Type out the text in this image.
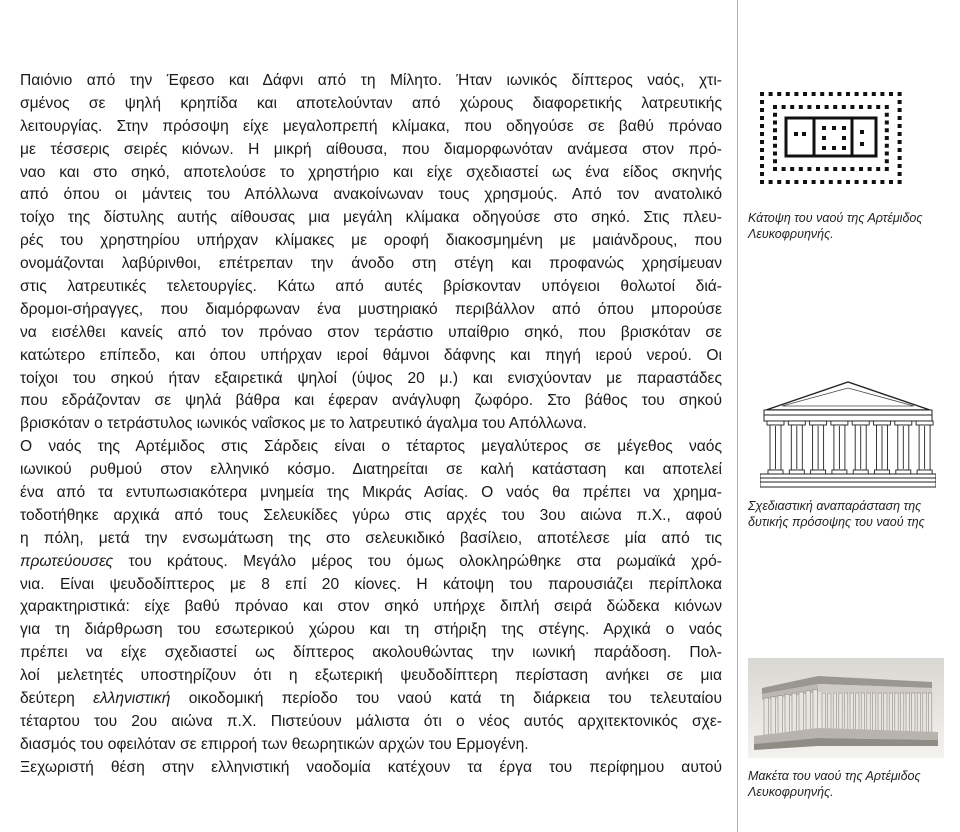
Παιόνιο από την Έφεσο και Δάφνι από τη Μίλητο. Ήταν ιωνικός δίπτερος ναός, χτι-
σμένος σε ψηλή κρηπίδα και αποτελούνταν από χώρους διαφορετικής λατρευτικής
λειτουργίας. Στην πρόσοψη είχε μεγαλοπρεπή κλίμακα, που οδηγούσε σε βαθύ πρόναο
με τέσσερις σειρές κιόνων. Η μικρή αίθουσα, που διαμορφωνόταν ανάμεσα στον πρό-
ναο και στο σηκό, αποτελούσε το χρηστήριο και είχε σχεδιαστεί ως ένα είδος σκηνής
από όπου οι μάντεις του Απόλλωνα ανακοίνωναν τους χρησμούς. Από τον ανατολικό
τοίχο της δίστυλης αυτής αίθουσας μια μεγάλη κλίμακα οδηγούσε στο σηκό. Στις πλευ-
ρές του χρηστηρίου υπήρχαν κλίμακες με οροφή διακοσμημένη με μαιάνδρους, που
ονομάζονται λαβύρινθοι, επέτρεπαν την άνοδο στη στέγη και προφανώς χρησίμευαν
στις λατρευτικές τελετουργίες. Κάτω από αυτές βρίσκονταν υπόγειοι θολωτοί διά-
δρομοι-σήραγγες, που διαμόρφωναν ένα μυστηριακό περιβάλλον από όπου μπορούσε
να εισέλθει κανείς από τον πρόναο στον τεράστιο υπαίθριο σηκό, που βρισκόταν σε
κατώτερο επίπεδο, και όπου υπήρχαν ιεροί θάμνοι δάφνης και πηγή ιερού νερού. Οι
τοίχοι του σηκού ήταν εξαιρετικά ψηλοί (ύψος 20 μ.) και ενισχύονταν με παραστάδες
που εδράζονταν σε ψηλά βάθρα και έφεραν ανάγλυφη ζωφόρο. Στο βάθος του σηκού
βρισκόταν ο τετράστυλος ιωνικός ναΐσκος με το λατρευτικό άγαλμα του Απόλλωνα.
Ο ναός της Αρτέμιδος στις Σάρδεις είναι ο τέταρτος μεγαλύτερος σε μέγεθος ναός
ιωνικού ρυθμού στον ελληνικό κόσμο. Διατηρείται σε καλή κατάσταση και αποτελεί
ένα από τα εντυπωσιακότερα μνημεία της Μικράς Ασίας. Ο ναός θα πρέπει να χρημα-
τοδοτήθηκε αρχικά από τους Σελευκίδες γύρω στις αρχές του 3ου αιώνα π.Χ., αφού
η πόλη, μετά την ενσωμάτωση της στο σελευκιδικό βασίλειο, αποτέλεσε μία από τις
πρωτεύουσες του κράτους. Μεγάλο μέρος του όμως ολοκληρώθηκε στα ρωμαϊκά χρό-
νια. Είναι ψευδοδίπτερος με 8 επί 20 κίονες. Η κάτοψη του παρουσιάζει περίπλοκα
χαρακτηριστικά: είχε βαθύ πρόναο και στον σηκό υπήρχε διπλή σειρά δώδεκα κιόνων
για τη διάρθρωση του εσωτερικού χώρου και τη στήριξη της στέγης. Αρχικά ο ναός
πρέπει να είχε σχεδιαστεί ως δίπτερος ακολουθώντας την ιωνική παράδοση. Πολ-
λοί μελετητές υποστηρίζουν ότι η εξωτερική ψευδοδίπτερη περίσταση ανήκει σε μια
δεύτερη ελληνιστική οικοδομική περίοδο του ναού κατά τη διάρκεια του τελευταίου
τέταρτου του 2ου αιώνα π.Χ. Πιστεύουν μάλιστα ότι ο νέος αυτός αρχιτεκτονικός σχε-
διασμός του οφειλόταν σε επιρροή των θεωρητικών αρχών του Ερμογένη.
Ξεχωριστή θέση στην ελληνιστική ναοδομία κατέχουν τα έργα του περίφημου αυτού
Κάτοψη του ναού της Αρτέμιδος Λευκοφρυηνής.
Σχεδιαστική αναπαράσταση της δυτικής πρόσοψης του ναού της
Μακέτα του ναού της Αρτέμιδος Λευκοφρυηνής.
